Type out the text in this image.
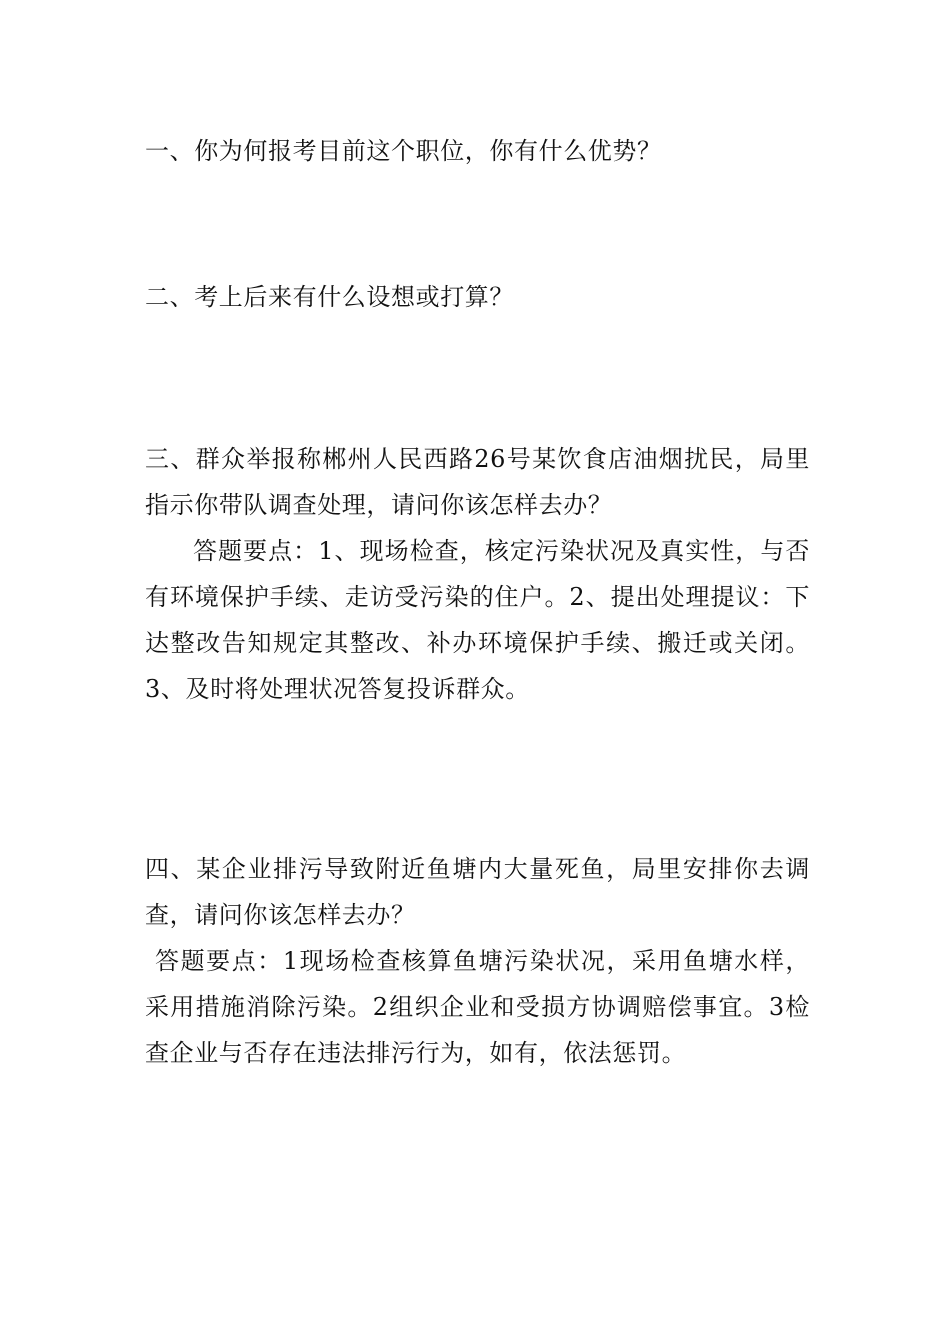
一、你为何报考目前这个职位，你有什么优势？

二、考上后来有什么设想或打算？

三、群众举报称郴州人民西路26号某饮食店油烟扰民，局里指示你带队调查处理，请问你该怎样去办？

答题要点：1、现场检查，核定污染状况及真实性，与否有环境保护手续、走访受污染的住户。2、提出处理提议：下达整改告知规定其整改、补办环境保护手续、搬迁或关闭。3、及时将处理状况答复投诉群众。

四、某企业排污导致附近鱼塘内大量死鱼，局里安排你去调查，请问你该怎样去办？

答题要点：1现场检查核算鱼塘污染状况，采用鱼塘水样，采用措施消除污染。2组织企业和受损方协调赔偿事宜。3检查企业与否存在违法排污行为，如有，依法惩罚。
